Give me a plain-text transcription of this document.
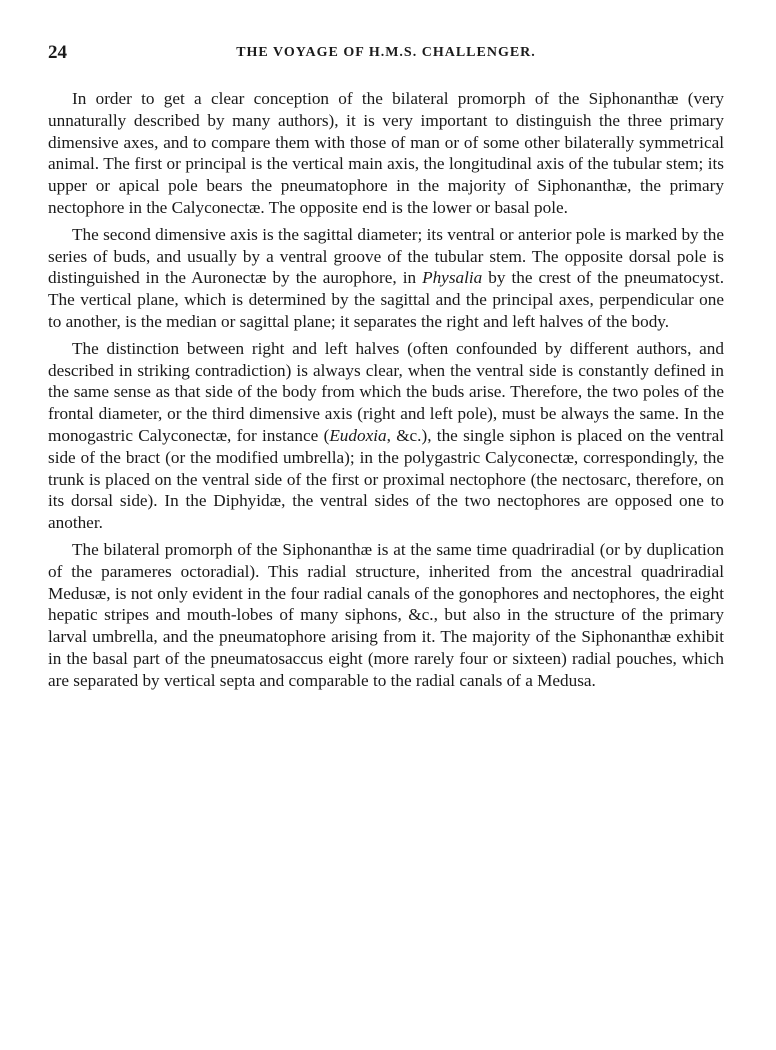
24	THE VOYAGE OF H.M.S. CHALLENGER.

In order to get a clear conception of the bilateral promorph of the Siphonanthæ (very unnaturally described by many authors), it is very important to distinguish the three primary dimensive axes, and to compare them with those of man or of some other bilaterally symmetrical animal. The first or principal is the vertical main axis, the longitudinal axis of the tubular stem; its upper or apical pole bears the pneumatophore in the majority of Siphonanthæ, the primary nectophore in the Calyconectæ. The opposite end is the lower or basal pole.

The second dimensive axis is the sagittal diameter; its ventral or anterior pole is marked by the series of buds, and usually by a ventral groove of the tubular stem. The opposite dorsal pole is distinguished in the Auronectæ by the aurophore, in Physalia by the crest of the pneumatocyst. The vertical plane, which is determined by the sagittal and the principal axes, perpendicular one to another, is the median or sagittal plane; it separates the right and left halves of the body.

The distinction between right and left halves (often confounded by different authors, and described in striking contradiction) is always clear, when the ventral side is constantly defined in the same sense as that side of the body from which the buds arise. Therefore, the two poles of the frontal diameter, or the third dimensive axis (right and left pole), must be always the same. In the monogastric Calyconectæ, for instance (Eudoxia, &c.), the single siphon is placed on the ventral side of the bract (or the modified umbrella); in the polygastric Calyconectæ, correspondingly, the trunk is placed on the ventral side of the first or proximal nectophore (the nectosarc, therefore, on its dorsal side). In the Diphyidæ, the ventral sides of the two nectophores are opposed one to another.

The bilateral promorph of the Siphonanthæ is at the same time quadriradial (or by duplication of the parameres octoradial). This radial structure, inherited from the ancestral quadriradial Medusæ, is not only evident in the four radial canals of the gonophores and nectophores, the eight hepatic stripes and mouth-lobes of many siphons, &c., but also in the structure of the primary larval umbrella, and the pneumatophore arising from it. The majority of the Siphonanthæ exhibit in the basal part of the pneumatosaccus eight (more rarely four or sixteen) radial pouches, which are separated by vertical septa and comparable to the radial canals of a Medusa.
